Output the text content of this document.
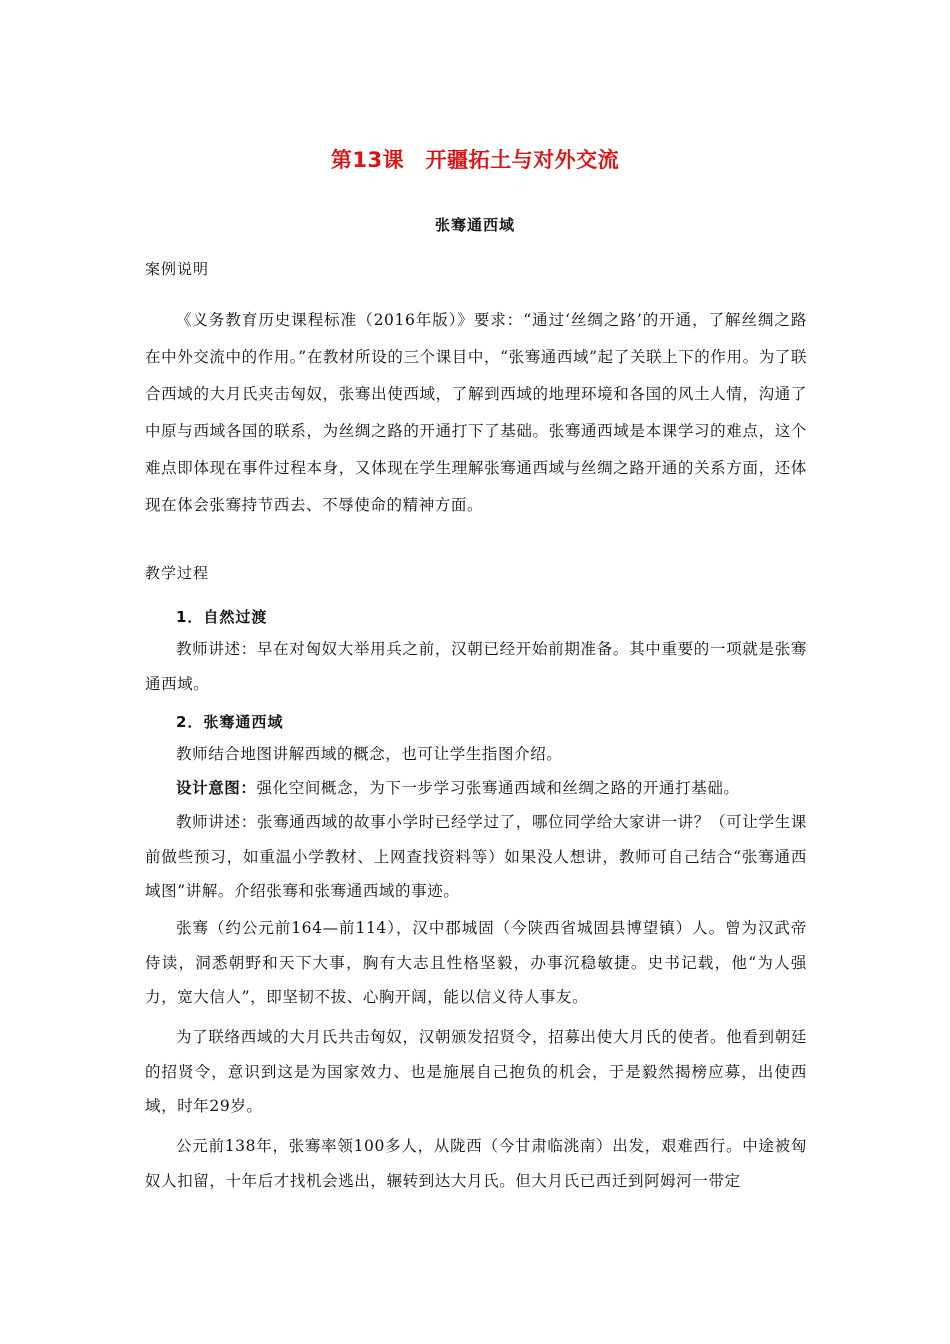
第13课　开疆拓土与对外交流
张骞通西域
案例说明

《义务教育历史课程标准（2016年版）》要求：“通过‘丝绸之路’的开通，了解丝绸之路在中外交流中的作用。”在教材所设的三个课目中，“张骞通西域”起了关联上下的作用。为了联合西域的大月氏夹击匈奴，张骞出使西域，了解到西域的地理环境和各国的风土人情，沟通了中原与西域各国的联系，为丝绸之路的开通打下了基础。张骞通西域是本课学习的难点，这个难点即体现在事件过程本身，又体现在学生理解张骞通西域与丝绸之路开通的关系方面，还体现在体会张骞持节西去、不辱使命的精神方面。

教学过程
1．自然过渡

教师讲述：早在对匈奴大举用兵之前，汉朝已经开始前期准备。其中重要的一项就是张骞通西域。

2．张骞通西域

教师结合地图讲解西域的概念，也可让学生指图介绍。

设计意图：强化空间概念，为下一步学习张骞通西域和丝绸之路的开通打基础。

教师讲述：张骞通西域的故事小学时已经学过了，哪位同学给大家讲一讲？（可让学生课前做些预习，如重温小学教材、上网查找资料等）如果没人想讲，教师可自己结合“张骞通西域图”讲解。介绍张骞和张骞通西域的事迹。

张骞（约公元前164—前114），汉中郡城固（今陕西省城固县博望镇）人。曾为汉武帝侍读，洞悉朝野和天下大事，胸有大志且性格坚毅，办事沉稳敏捷。史书记载，他“为人强力，宽大信人”，即坚韧不拔、心胸开阔，能以信义待人事友。

为了联络西域的大月氏共击匈奴，汉朝颁发招贤令，招募出使大月氏的使者。他看到朝廷的招贤令，意识到这是为国家效力、也是施展自己抱负的机会，于是毅然揭榜应募，出使西域，时年29岁。

公元前138年，张骞率领100多人，从陇西（今甘肃临洮南）出发，艰难西行。中途被匈奴人扣留，十年后才找机会逃出，辗转到达大月氏。但大月氏已西迁到阿姆河一带定
